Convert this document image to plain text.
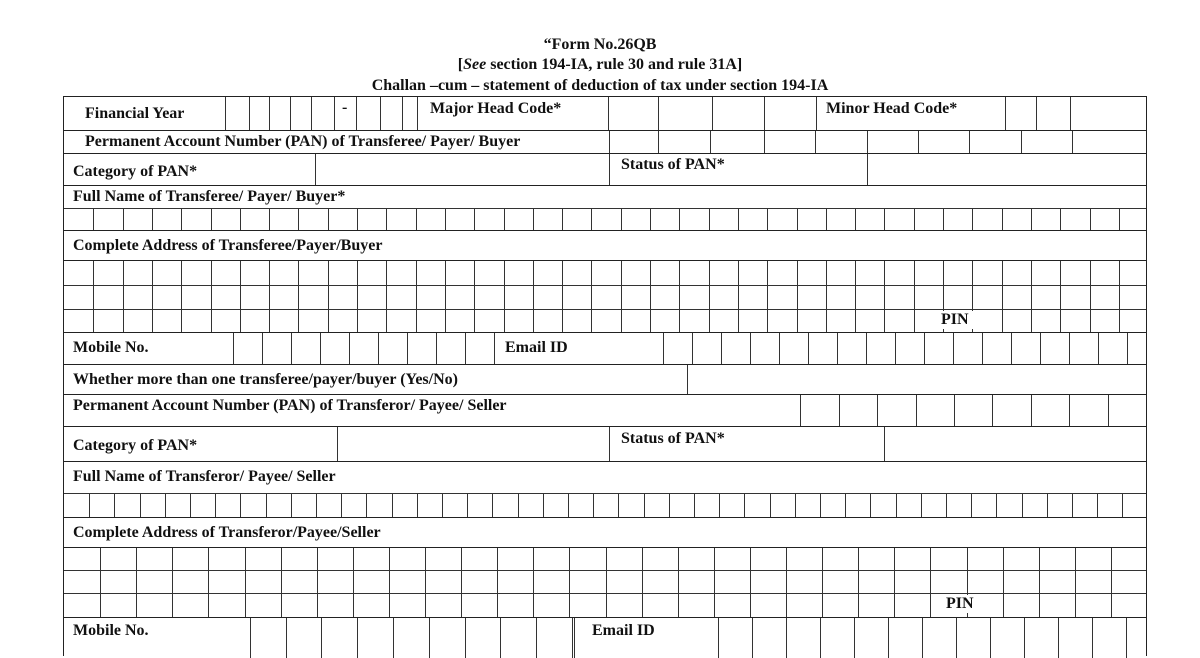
“Form No.26QB
[See section 194-IA, rule 30 and rule 31A]
Challan –cum – statement of deduction of tax under section 194-IA
Financial Year	-	Major Head Code*	Minor Head Code*
Permanent Account Number (PAN) of Transferee/ Payer/ Buyer
Category of PAN*	Status of PAN*
Full Name of Transferee/ Payer/ Buyer*
Complete Address of Transferee/Payer/Buyer
PIN
Mobile No.	Email ID
Whether more than one transferee/payer/buyer (Yes/No)
Permanent Account Number (PAN) of Transferor/ Payee/ Seller
Category of PAN*	Status of PAN*
Full Name of Transferor/ Payee/ Seller
Complete Address of Transferor/Payee/Seller
PIN
Mobile No.	Email ID
